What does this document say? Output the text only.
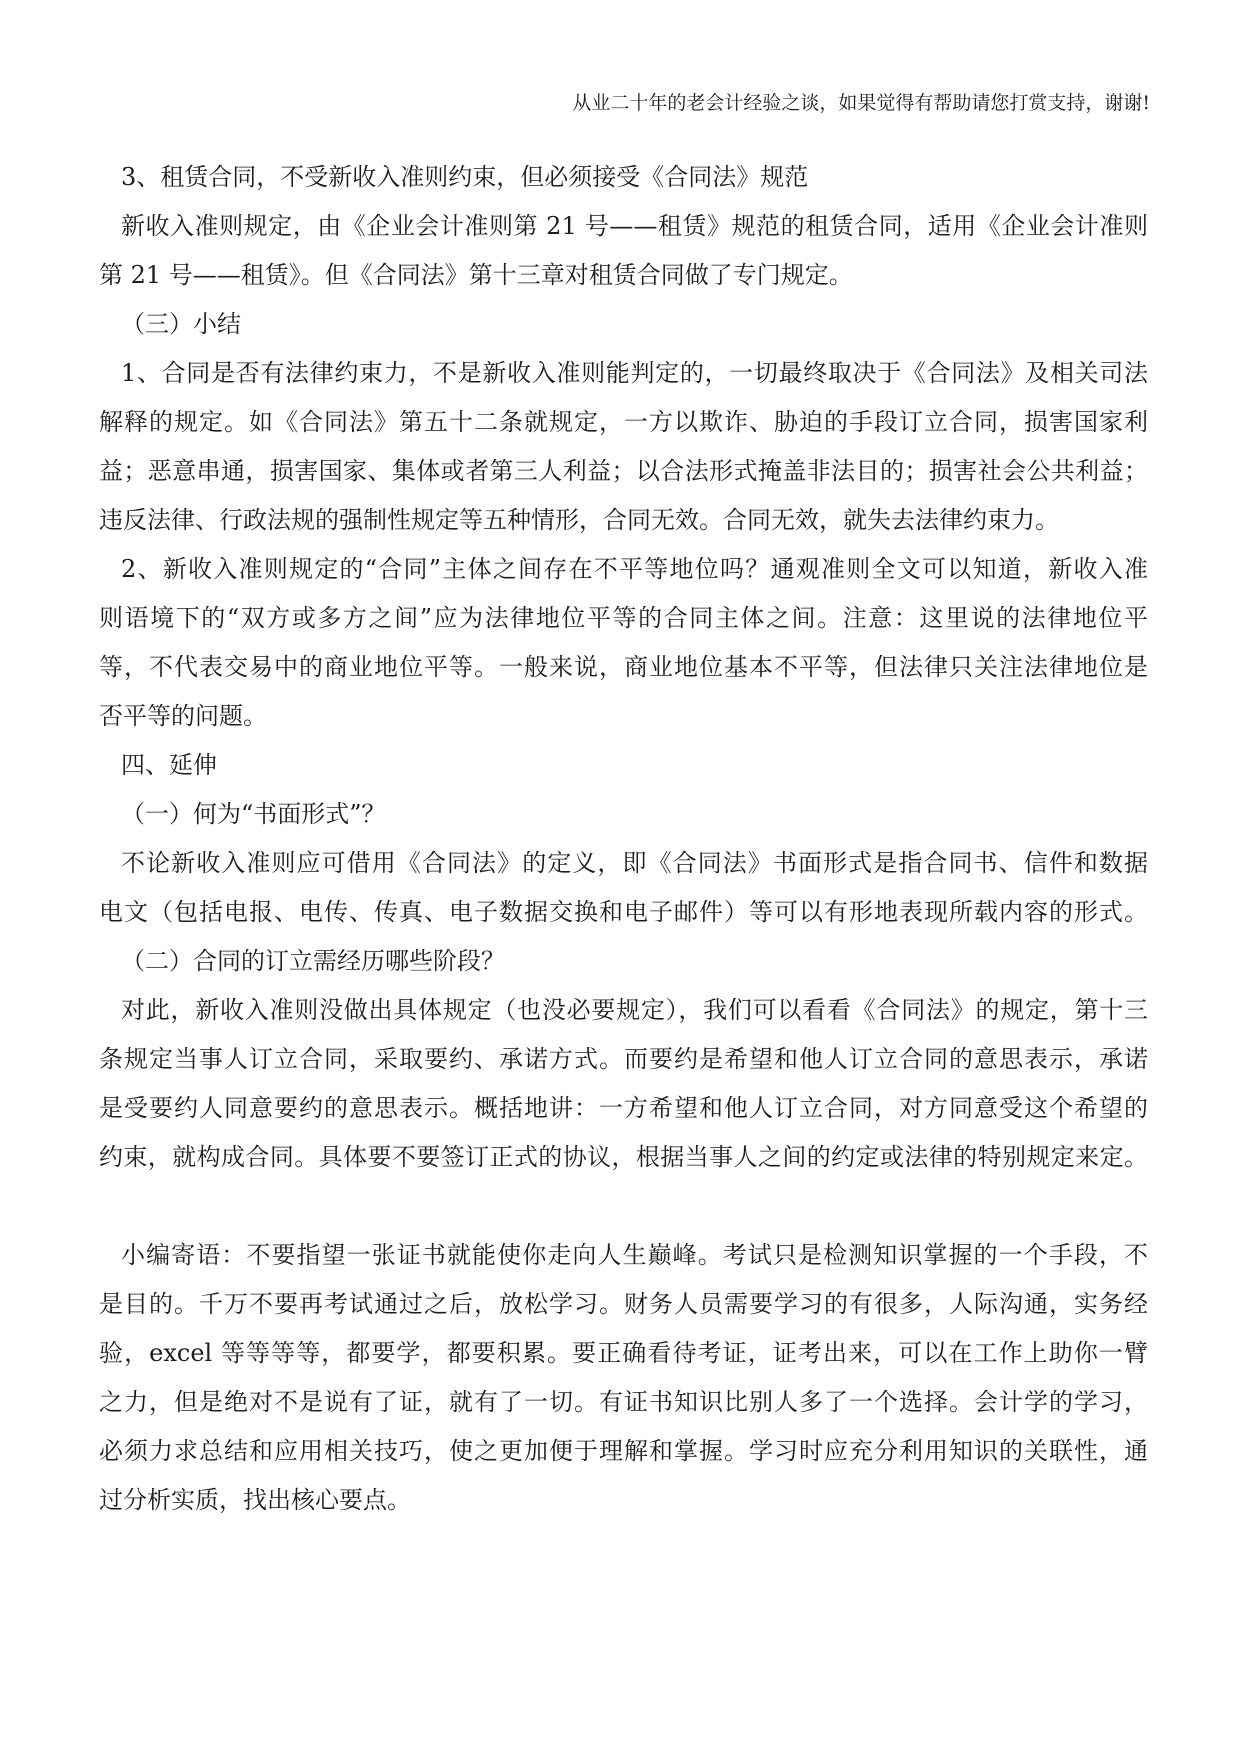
从业二十年的老会计经验之谈，如果觉得有帮助请您打赏支持，谢谢!
3、租赁合同，不受新收入准则约束，但必须接受《合同法》规范
新收入准则规定，由《企业会计准则第 21 号——租赁》规范的租赁合同，适用《企业会计准则
第 21 号——租赁》。但《合同法》第十三章对租赁合同做了专门规定。
（三）小结
1、合同是否有法律约束力，不是新收入准则能判定的，一切最终取决于《合同法》及相关司法
解释的规定。如《合同法》第五十二条就规定，一方以欺诈、胁迫的手段订立合同，损害国家利
益；恶意串通，损害国家、集体或者第三人利益；以合法形式掩盖非法目的；损害社会公共利益；
违反法律、行政法规的强制性规定等五种情形，合同无效。合同无效，就失去法律约束力。
2、新收入准则规定的“合同”主体之间存在不平等地位吗？通观准则全文可以知道，新收入准
则语境下的“双方或多方之间”应为法律地位平等的合同主体之间。注意：这里说的法律地位平
等，不代表交易中的商业地位平等。一般来说，商业地位基本不平等，但法律只关注法律地位是
否平等的问题。
四、延伸
（一）何为“书面形式”？
不论新收入准则应可借用《合同法》的定义，即《合同法》书面形式是指合同书、信件和数据
电文（包括电报、电传、传真、电子数据交换和电子邮件）等可以有形地表现所载内容的形式。
（二）合同的订立需经历哪些阶段？
对此，新收入准则没做出具体规定（也没必要规定），我们可以看看《合同法》的规定，第十三
条规定当事人订立合同，采取要约、承诺方式。而要约是希望和他人订立合同的意思表示，承诺
是受要约人同意要约的意思表示。概括地讲：一方希望和他人订立合同，对方同意受这个希望的
约束，就构成合同。具体要不要签订正式的协议，根据当事人之间的约定或法律的特别规定来定。
小编寄语：不要指望一张证书就能使你走向人生巅峰。考试只是检测知识掌握的一个手段，不
是目的。千万不要再考试通过之后，放松学习。财务人员需要学习的有很多，人际沟通，实务经
验，excel 等等等等，都要学，都要积累。要正确看待考证，证考出来，可以在工作上助你一臂
之力，但是绝对不是说有了证，就有了一切。有证书知识比别人多了一个选择。会计学的学习，
必须力求总结和应用相关技巧，使之更加便于理解和掌握。学习时应充分利用知识的关联性，通
过分析实质，找出核心要点。
